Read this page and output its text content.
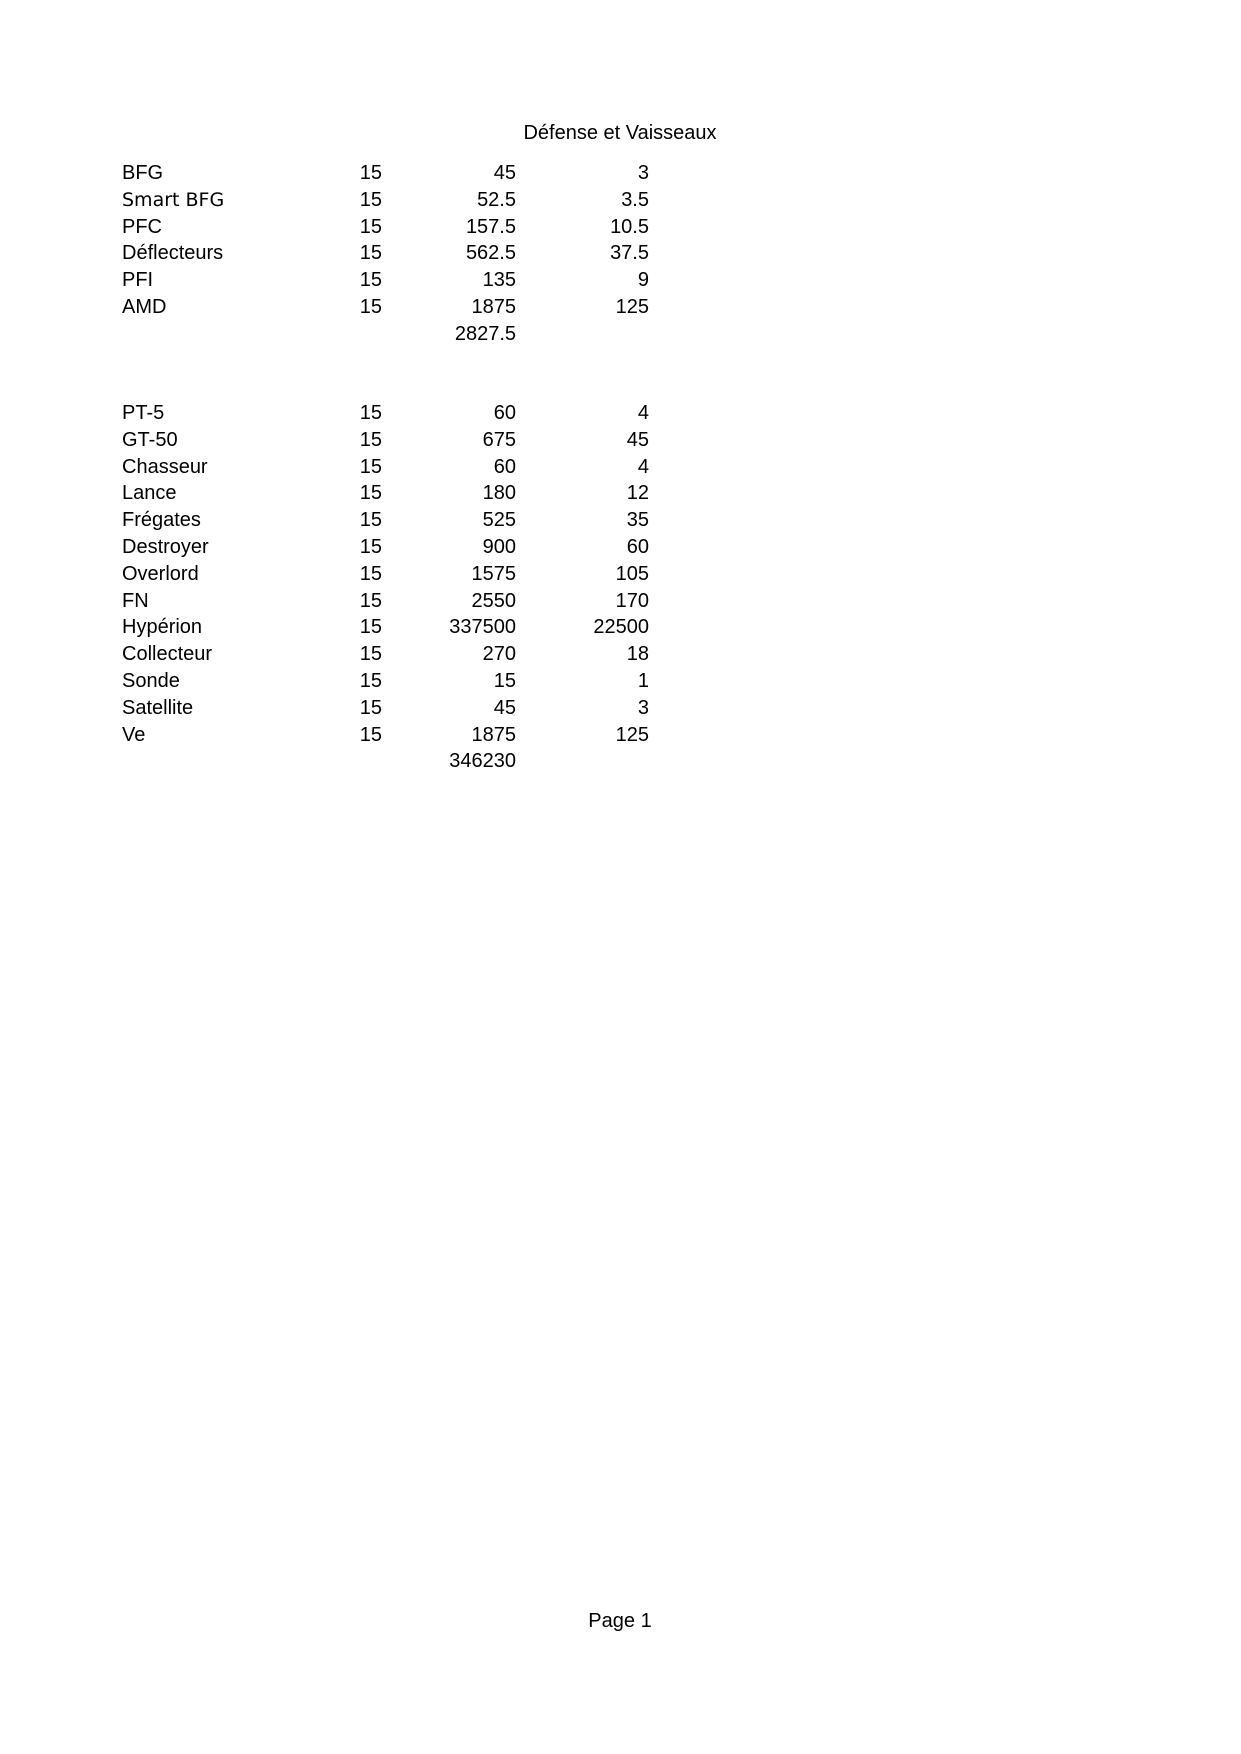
Défense et Vaisseaux
BFG	15	45	3
Smart BFG	15	52.5	3.5
PFC	15	157.5	10.5
Déflecteurs	15	562.5	37.5
PFI	15	135	9
AMD	15	1875	125
2827.5
PT-5	15	60	4
GT-50	15	675	45
Chasseur	15	60	4
Lance	15	180	12
Frégates	15	525	35
Destroyer	15	900	60
Overlord	15	1575	105
FN	15	2550	170
Hypérion	15	337500	22500
Collecteur	15	270	18
Sonde	15	15	1
Satellite	15	45	3
Ve	15	1875	125
346230
Page 1
